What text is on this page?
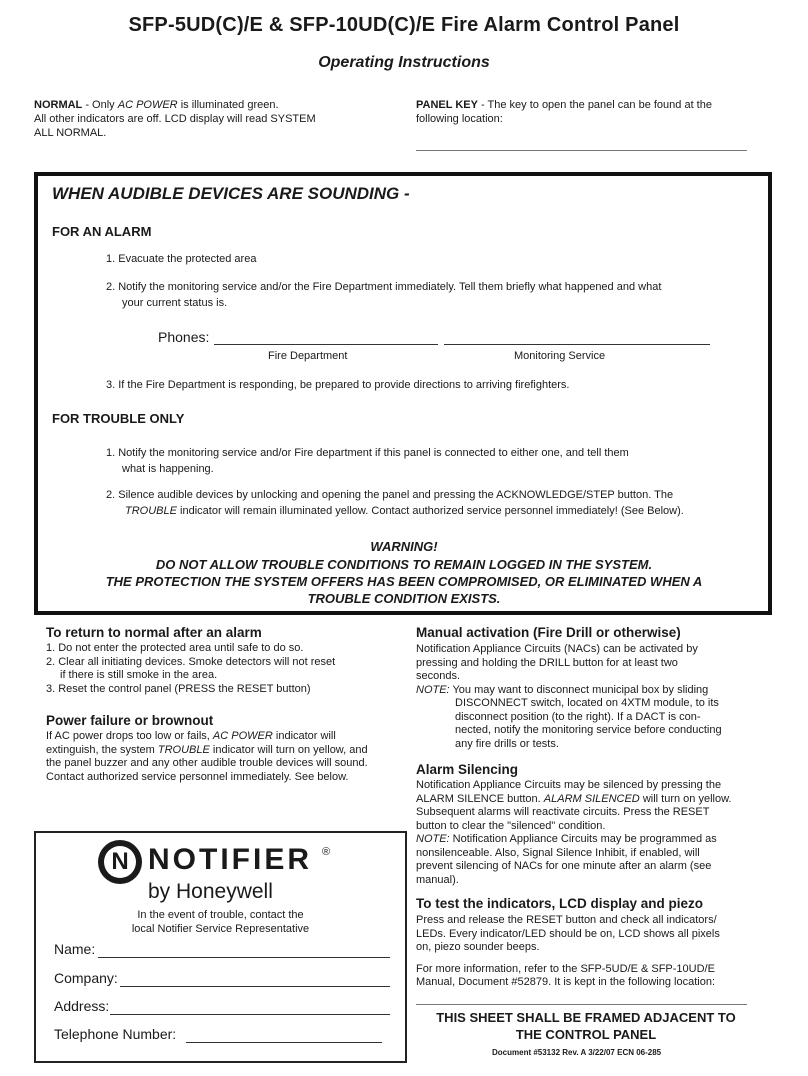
SFP-5UD(C)/E & SFP-10UD(C)/E Fire Alarm Control Panel
Operating Instructions
NORMAL - Only AC POWER is illuminated green.
All other indicators are off. LCD display will read SYSTEM
ALL NORMAL.
PANEL KEY - The key to open the panel can be found at the
following location:
WHEN AUDIBLE DEVICES ARE SOUNDING -
FOR AN ALARM
1. Evacuate the protected area
2. Notify the monitoring service and/or the Fire Department immediately. Tell them briefly what happened and what
your current status is.
Phones:
Fire Department	Monitoring Service
3. If the Fire Department is responding, be prepared to provide directions to arriving firefighters.
FOR TROUBLE ONLY
1. Notify the monitoring service and/or Fire department if this panel is connected to either one, and tell them
what is happening.
2. Silence audible devices by unlocking and opening the panel and pressing the ACKNOWLEDGE/STEP button. The
TROUBLE indicator will remain illuminated yellow. Contact authorized service personnel immediately! (See Below).
WARNING!
DO NOT ALLOW TROUBLE CONDITIONS TO REMAIN LOGGED IN THE SYSTEM.
THE PROTECTION THE SYSTEM OFFERS HAS BEEN COMPROMISED, OR ELIMINATED WHEN A
TROUBLE CONDITION EXISTS.
To return to normal after an alarm
1. Do not enter the protected area until safe to do so.
2. Clear all initiating devices. Smoke detectors will not reset
if there is still smoke in the area.
3. Reset the control panel (PRESS the RESET button)
Power failure or brownout
If AC power drops too low or fails, AC POWER indicator will
extinguish, the system TROUBLE indicator will turn on yellow, and
the panel buzzer and any other audible trouble devices will sound.
Contact authorized service personnel immediately. See below.
N NOTIFIER ®
by Honeywell
In the event of trouble, contact the
local Notifier Service Representative
Name:
Company:
Address:
Telephone Number:
Manual activation (Fire Drill or otherwise)
Notification Appliance Circuits (NACs) can be activated by
pressing and holding the DRILL button for at least two
seconds.
NOTE: You may want to disconnect municipal box by sliding
DISCONNECT switch, located on 4XTM module, to its
disconnect position (to the right). If a DACT is con-
nected, notify the monitoring service before conducting
any fire drills or tests.
Alarm Silencing
Notification Appliance Circuits may be silenced by pressing the
ALARM SILENCE button. ALARM SILENCED will turn on yellow.
Subsequent alarms will reactivate circuits. Press the RESET
button to clear the "silenced" condition.
NOTE: Notification Appliance Circuits may be programmed as
nonsilenceable. Also, Signal Silence Inhibit, if enabled, will
prevent silencing of NACs for one minute after an alarm (see
manual).
To test the indicators, LCD display and piezo
Press and release the RESET button and check all indicators/
LEDs. Every indicator/LED should be on, LCD shows all pixels
on, piezo sounder beeps.
For more information, refer to the SFP-5UD/E & SFP-10UD/E
Manual, Document #52879. It is kept in the following location:
THIS SHEET SHALL BE FRAMED ADJACENT TO
THE CONTROL PANEL
Document #53132 Rev. A 3/22/07 ECN 06-285
